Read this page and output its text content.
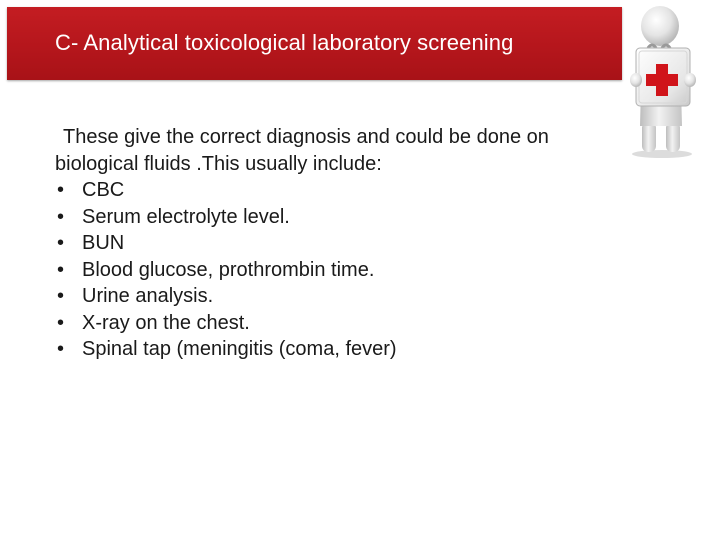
C- Analytical toxicological laboratory screening

These give the correct diagnosis and could be done on biological fluids .This usually include:

• CBC
• Serum electrolyte level.
• BUN
• Blood glucose, prothrombin time.
• Urine analysis.
• X-ray on the chest.
• Spinal tap (meningitis (coma, fever)
